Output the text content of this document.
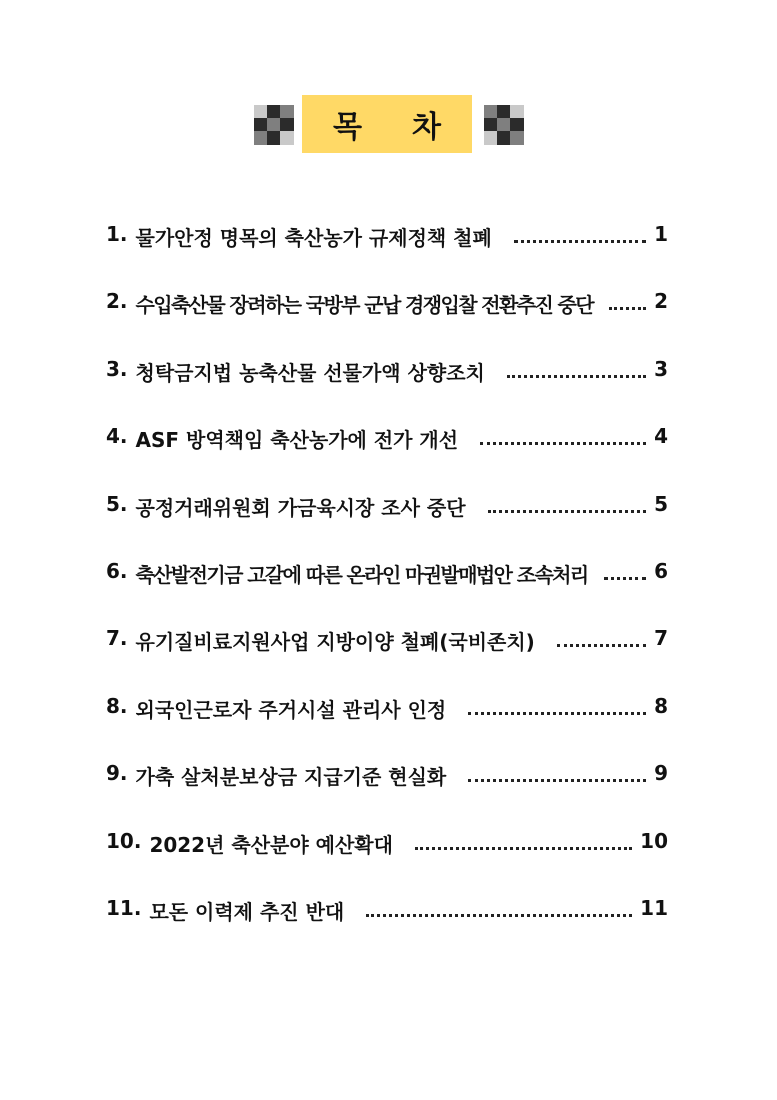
목 차
1. 물가안정 명목의 축산농가 규제정책 철폐	1
2. 수입축산물 장려하는 국방부 군납 경쟁입찰 전환추진 중단	2
3. 청탁금지법 농축산물 선물가액 상향조치	3
4. ASF 방역책임 축산농가에 전가 개선	4
5. 공정거래위원회 가금육시장 조사 중단	5
6. 축산발전기금 고갈에 따른 온라인 마권발매법안 조속처리	6
7. 유기질비료지원사업 지방이양 철폐(국비존치)	7
8. 외국인근로자 주거시설 관리사 인정	8
9. 가축 살처분보상금 지급기준 현실화	9
10. 2022년 축산분야 예산확대	10
11. 모돈 이력제 추진 반대	11
